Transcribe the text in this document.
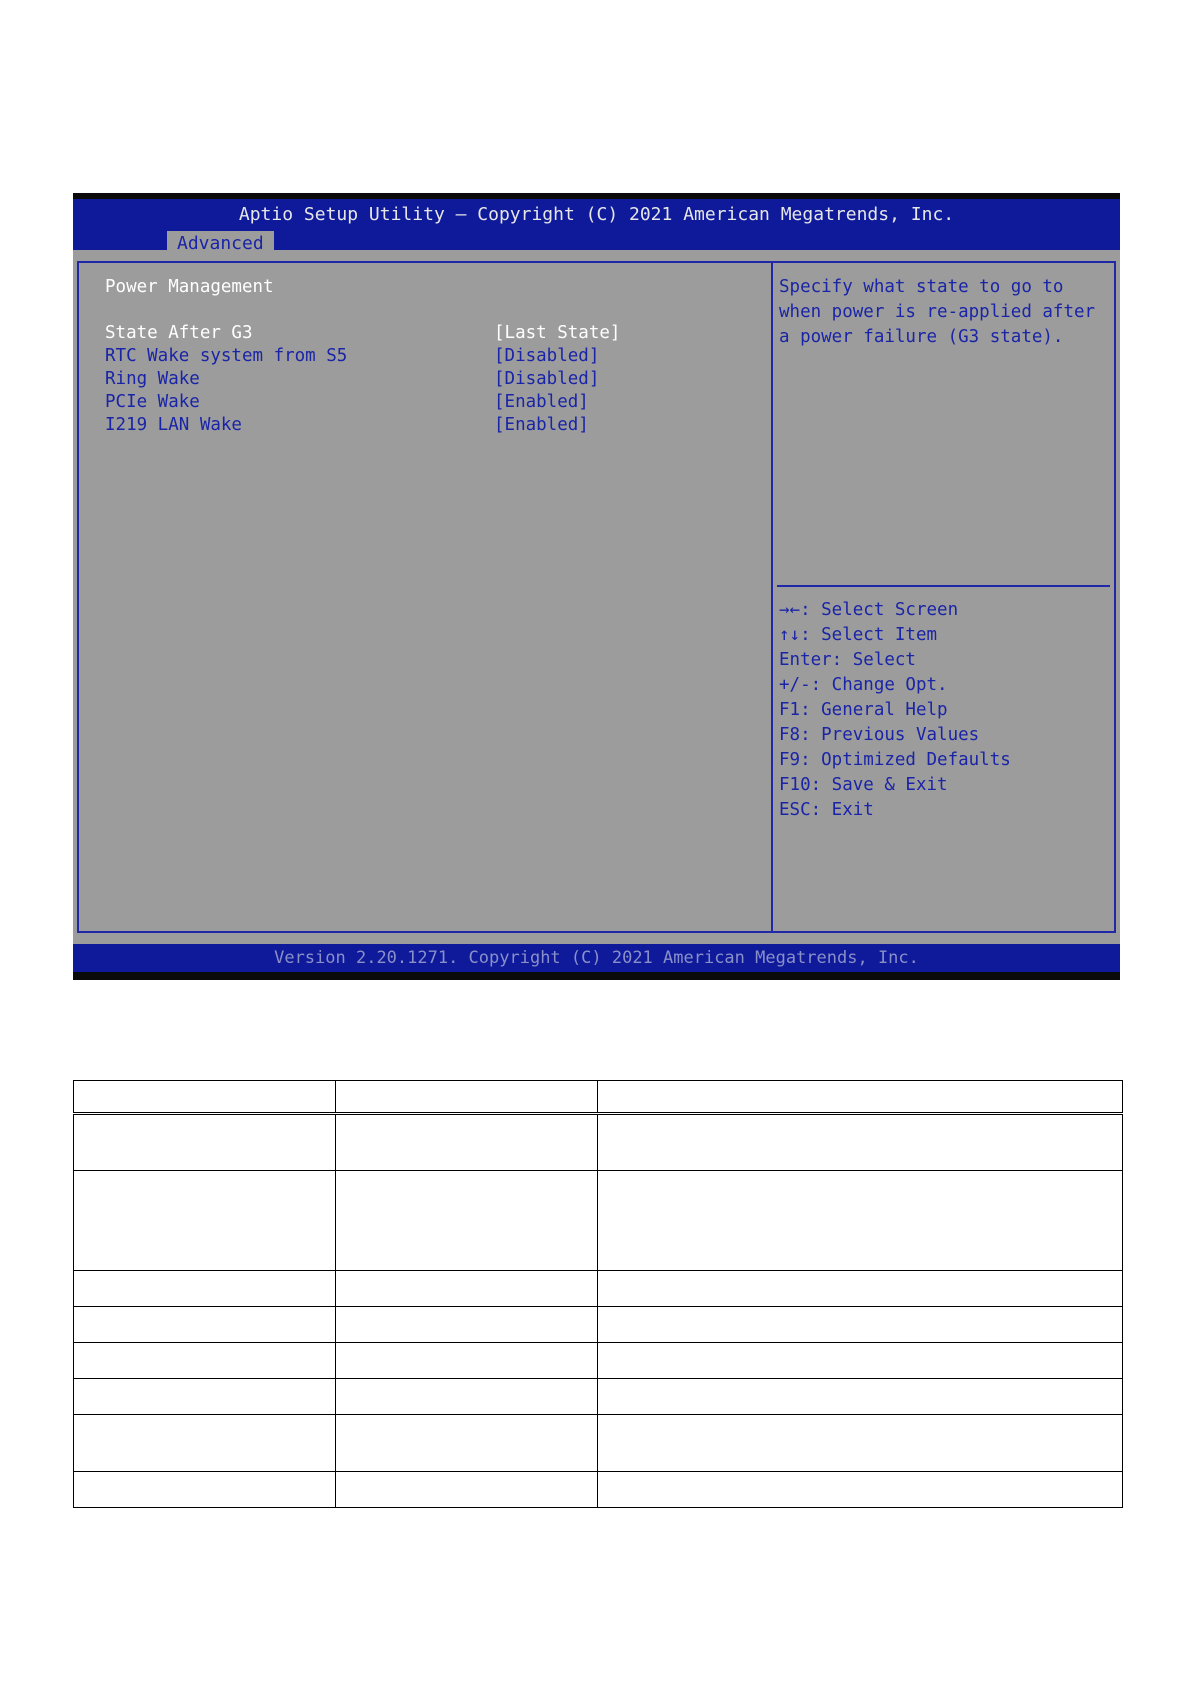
Aptio Setup Utility – Copyright (C) 2021 American Megatrends, Inc.
Advanced
Power Management
State After G3	[Last State]
RTC Wake system from S5	[Disabled]
Ring Wake	[Disabled]
PCIe Wake	[Enabled]
I219 LAN Wake	[Enabled]
Specify what state to go to
when power is re-applied after
a power failure (G3 state).
→←: Select Screen
↑↓: Select Item
Enter: Select
+/-: Change Opt.
F1: General Help
F8: Previous Values
F9: Optimized Defaults
F10: Save & Exit
ESC: Exit
Version 2.20.1271. Copyright (C) 2021 American Megatrends, Inc.
